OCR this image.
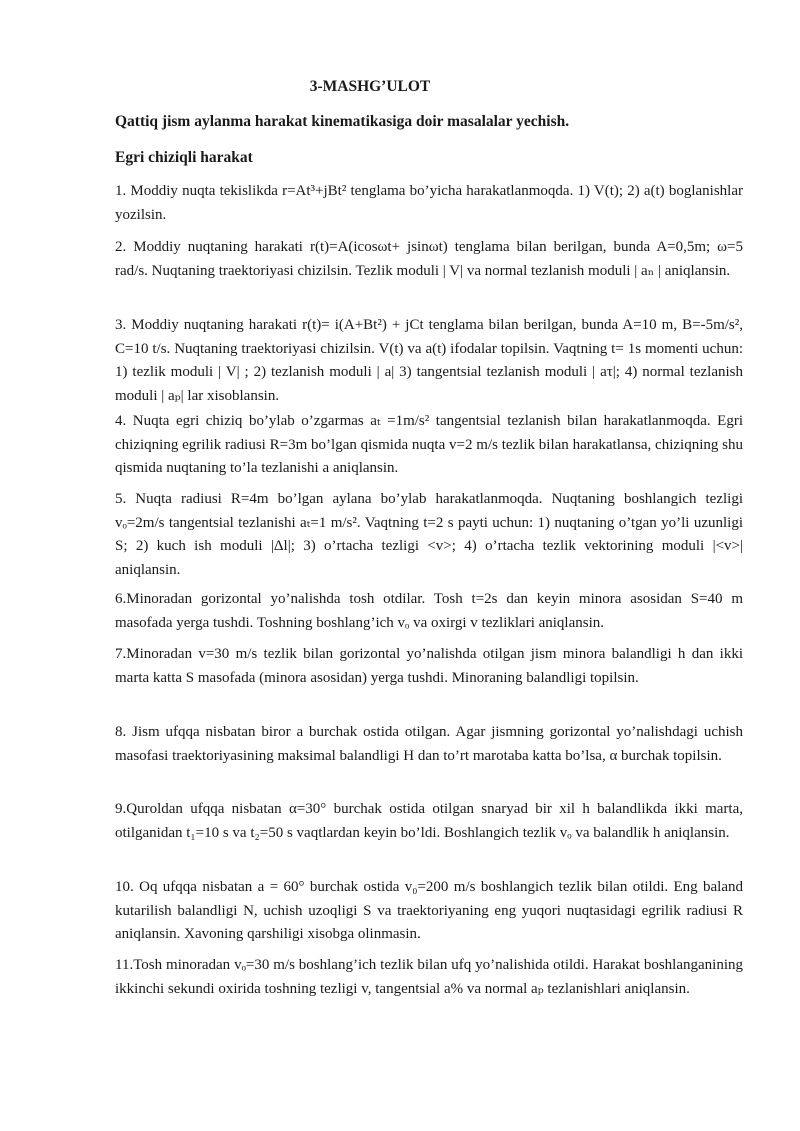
3-MASHG’ULOT
Qattiq jism aylanma harakat kinematikasiga doir masalalar yechish.
Egri chiziqli harakat
1. Moddiy nuqta tekislikda r=At³+jBt² tenglama bo’yicha harakatlanmoqda. 1) V(t); 2) a(t) boglanishlar yozilsin.
2. Moddiy nuqtaning harakati r(t)=A(icosωt+ jsinωt) tenglama bilan berilgan, bunda A=0,5m; ω=5 rad/s. Nuqtaning traektoriyasi chizilsin. Tezlik moduli | V| va normal tezlanish moduli | aₙ | aniqlansin.
3. Moddiy nuqtaning harakati r(t)= i(A+Bt²) + jCt tenglama bilan berilgan, bunda A=10 m, B=-5m/s², C=10 t/s. Nuqtaning traektoriyasi chizilsin. V(t) va a(t) ifodalar topilsin. Vaqtning t= 1s momenti uchun: 1) tezlik moduli | V| ; 2) tezlanish moduli | a| 3) tangentsial tezlanish moduli | aτ|; 4) normal tezlanish moduli | aₚ| lar xisoblansin.
4. Nuqta egri chiziq bo’ylab o’zgarmas aₜ =1m/s² tangentsial tezlanish bilan harakatlanmoqda. Egri chiziqning egrilik radiusi R=3m bo’lgan qismida nuqta v=2 m/s tezlik bilan harakatlansa, chiziqning shu qismida nuqtaning to’la tezlanishi a aniqlansin.
5. Nuqta radiusi R=4m bo’lgan aylana bo’ylab harakatlanmoqda. Nuqtaning boshlangich tezligi vₒ=2m/s tangentsial tezlanishi aₜ=1 m/s². Vaqtning t=2 s payti uchun: 1) nuqtaning o’tgan yo’li uzunligi S; 2) kuch ish moduli |Δl|; 3) o’rtacha tezligi <v>; 4) o’rtacha tezlik vektorining moduli |<v>| aniqlansin.
6.Minoradan gorizontal yo’nalishda tosh otdilar. Tosh t=2s dan keyin minora asosidan S=40 m masofada yerga tushdi. Toshning boshlang’ich vₒ va oxirgi v tezliklari aniqlansin.
7.Minoradan v=30 m/s tezlik bilan gorizontal yo’nalishda otilgan jism minora balandligi h dan ikki marta katta S masofada (minora asosidan) yerga tushdi. Minoraning balandligi topilsin.
8. Jism ufqqa nisbatan biror a burchak ostida otilgan. Agar jismning gorizontal yo’nalishdagi uchish masofasi traektoriyasining maksimal balandligi H dan to’rt marotaba katta bo’lsa, α burchak topilsin.
9.Quroldan ufqqa nisbatan α=30° burchak ostida otilgan snaryad bir xil h balandlikda ikki marta, otilganidan t₁=10 s va t₂=50 s vaqtlardan keyin bo’ldi. Boshlangich tezlik vₒ va balandlik h aniqlansin.
10. Oq ufqqa nisbatan a = 60° burchak ostida v₀=200 m/s boshlangich tezlik bilan otildi. Eng baland kutarilish balandligi N, uchish uzoqligi S va traektoriyaning eng yuqori nuqtasidagi egrilik radiusi R aniqlansin. Xavoning qarshiligi xisobga olinmasin.
11.Tosh minoradan vₒ=30 m/s boshlang’ich tezlik bilan ufq yo’nalishida otildi. Harakat boshlanganining ikkinchi sekundi oxirida toshning tezligi v, tangentsial a% va normal aₚ tezlanishlari aniqlansin.
